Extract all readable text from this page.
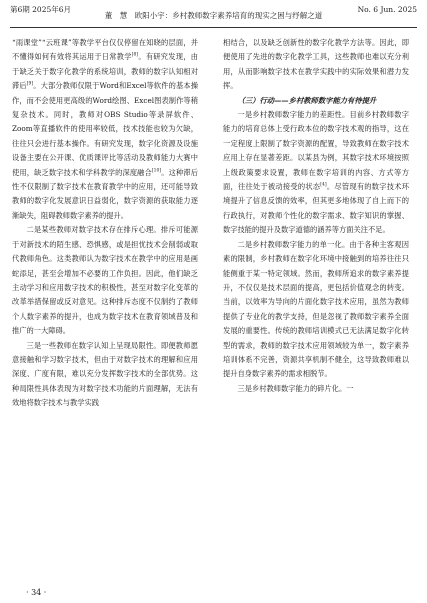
第6期 2025年6月
董　慧　欧阳小宇：乡村教师数字素养培育的现实之困与纾解之道
No. 6 Jun. 2025

“雨课堂”“云班课”等教学平台仅仅停留在知晓的层面，并不懂得如何有效将其运用于日常教学[8]。有研究发现，由于缺乏关于数字化教学的系统培训，教师的数字认知相对滞后[9]。大部分教师仅限于Word和Excel等软件的基本操作，而不会使用更高级的Word绘图、Excel图表制作等稍复杂技术。同时，教师对OBS Studio等录屏软件、Zoom等直播软件的使用率较低，技术技能也较为欠缺，往往只会进行基本操作。有研究发现，数字化资源及设施设备主要在公开课、优质课评比等活动及教师能力大赛中使用，缺乏数字技术和学科教学的深度融合[10]。这种滞后性不仅限制了数字技术在教育教学中的应用，还可能导致教师的数字化发展意识日益弱化，数字资源的获取能力逐渐缺失，阻碍教师数字素养的提升。

二是某些教师对数字技术存在排斥心理。排斥可能源于对新技术的陌生感、恐惧感，或是担忧技术会削弱或取代教师角色。这类教师认为数字技术在教学中的应用是画蛇添足，甚至会增加不必要的工作负担。因此，他们缺乏主动学习和应用数字技术的积极性，甚至对数字化变革的改革举措保留或反对意见。这种排斥态度不仅制约了教师个人数字素养的提升，也成为数字技术在教育领域普及和推广的一大障碍。

三是一些教师在数字认知上呈现局限性。即便教师愿意接触和学习数字技术，但由于对数字技术的理解和应用深度、广度有限，难以充分发挥数字技术的全部优势。这种局限性具体表现为对数字技术功能的片面理解，无法有效地将数字技术与教学实践

相结合，以及缺乏创新性的数字化教学方法等。因此，即便使用了先进的数字化教学工具，这些教师也难以充分利用，从而影响数字技术在教学实践中的实际效果和潜力发挥。

（三）行动——乡村教师数字能力有待提升

一是乡村教师数字能力的差距性。目前乡村教师数字能力的培育总体上受行政本位的数字技术观的指导，这在一定程度上限制了数字资源的配置，导致教师在数字技术应用上存在显著差距。以某县为例，其数字技术环境按照上级政策要求设置，教师在数字培训的内容、方式等方面，往往处于被动接受的状态[4]。尽管现有的数字技术环境提升了信息反馈的效率，但其更多地体现了自上而下的行政执行，对教师个性化的数字需求、数字知识的掌握、数字技能的提升及数字道德的涵养等方面关注不足。

二是乡村教师数字能力的单一化。由于各种主客观因素的限制，乡村教师在数字化环境中接触到的培养往往只能侧重于某一特定领域。然而，教师所追求的数字素养提升，不仅仅是技术层面的提高，更包括价值观念的转变。当前，以效率为导向的片面化数字技术应用，虽然为教师提供了专业化的教学支持，但是忽视了教师数字素养全面发展的重要性。传统的教师培训模式已无法满足数字化转型的需求，教师的数字技术应用领域较为单一，数字素养培训体系不完善，资源共享机制不健全，这导致教师难以提升自身数字素养的需求相脱节。

三是乡村教师数字能力的碎片化。一

· 34 ·
